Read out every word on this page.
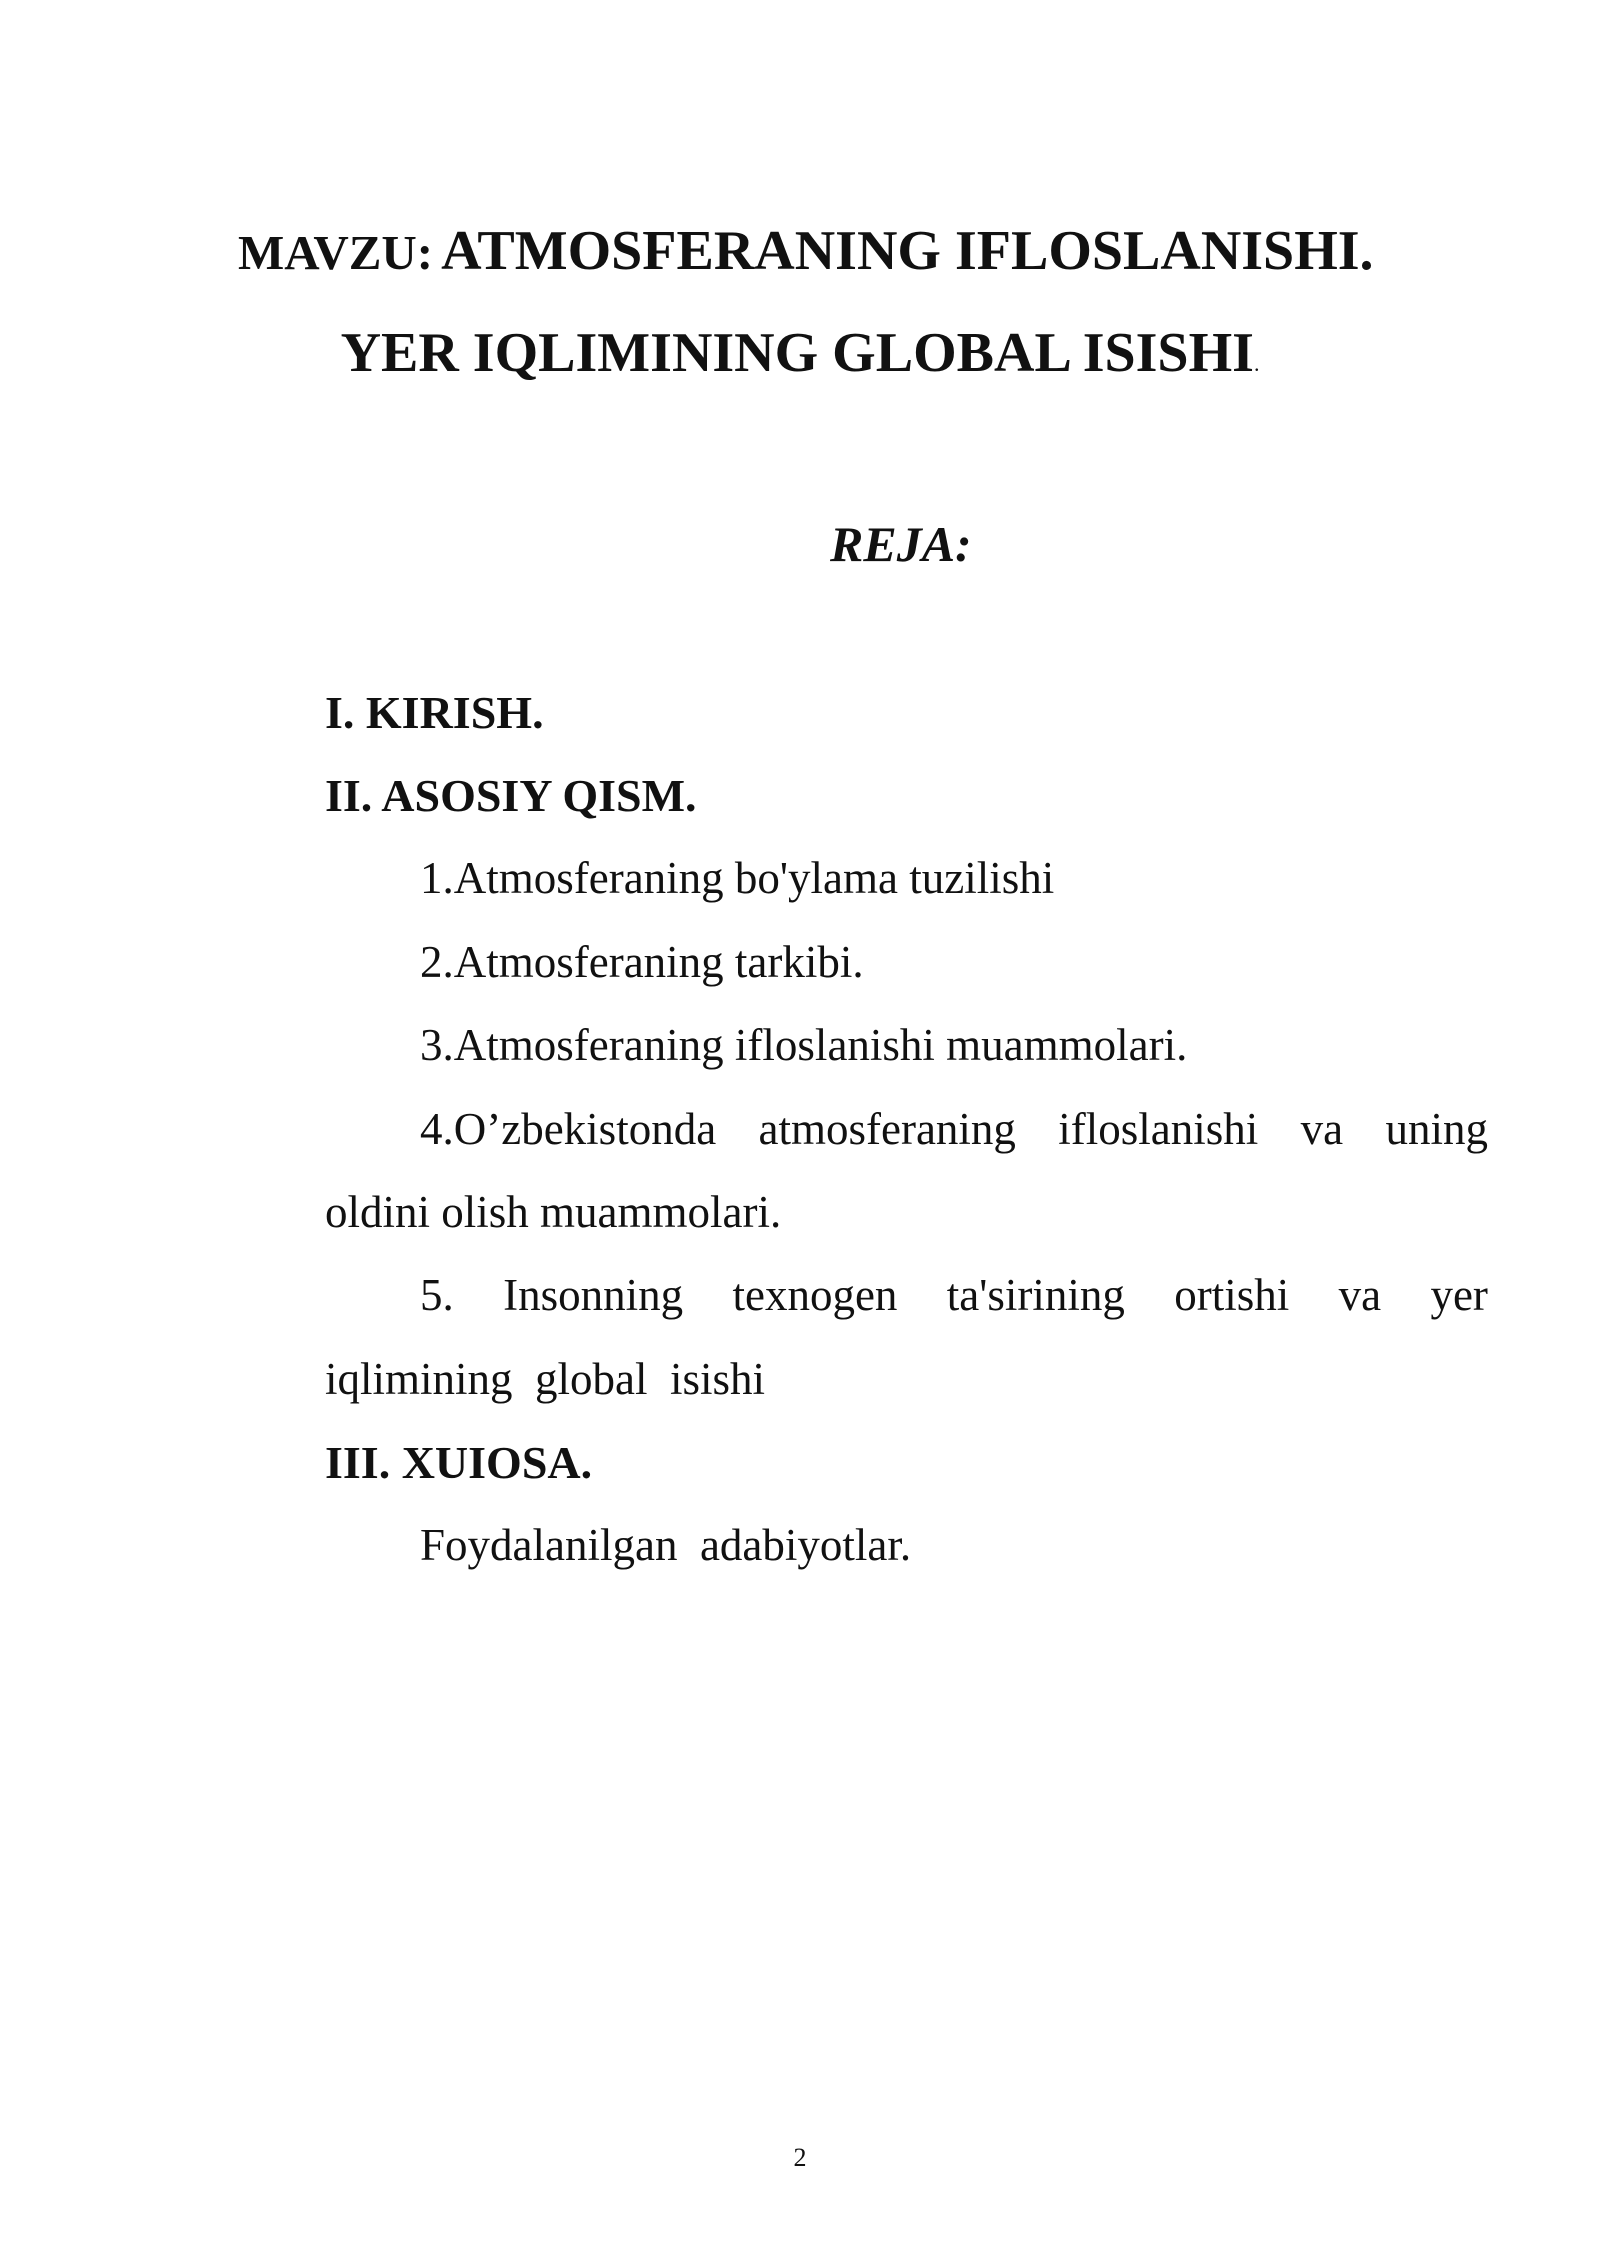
MAVZU: ATMOSFERANING IFLOSLANISHI.
YER IQLIMINING GLOBAL ISISHI.
REJA:
I. KIRISH.
II. ASOSIY QISM.
1.Atmosferaning bo'ylama tuzilishi
2.Atmosferaning tarkibi.
3.Atmosferaning ifloslanishi muammolari.
4.O’zbekistonda atmosferaning ifloslanishi va uning
oldini olish muammolari.
5. Insonning texnogen ta'sirining ortishi va yer
iqlimining  global  isishi
III. XUIOSA.
Foydalanilgan  adabiyotlar.
2
